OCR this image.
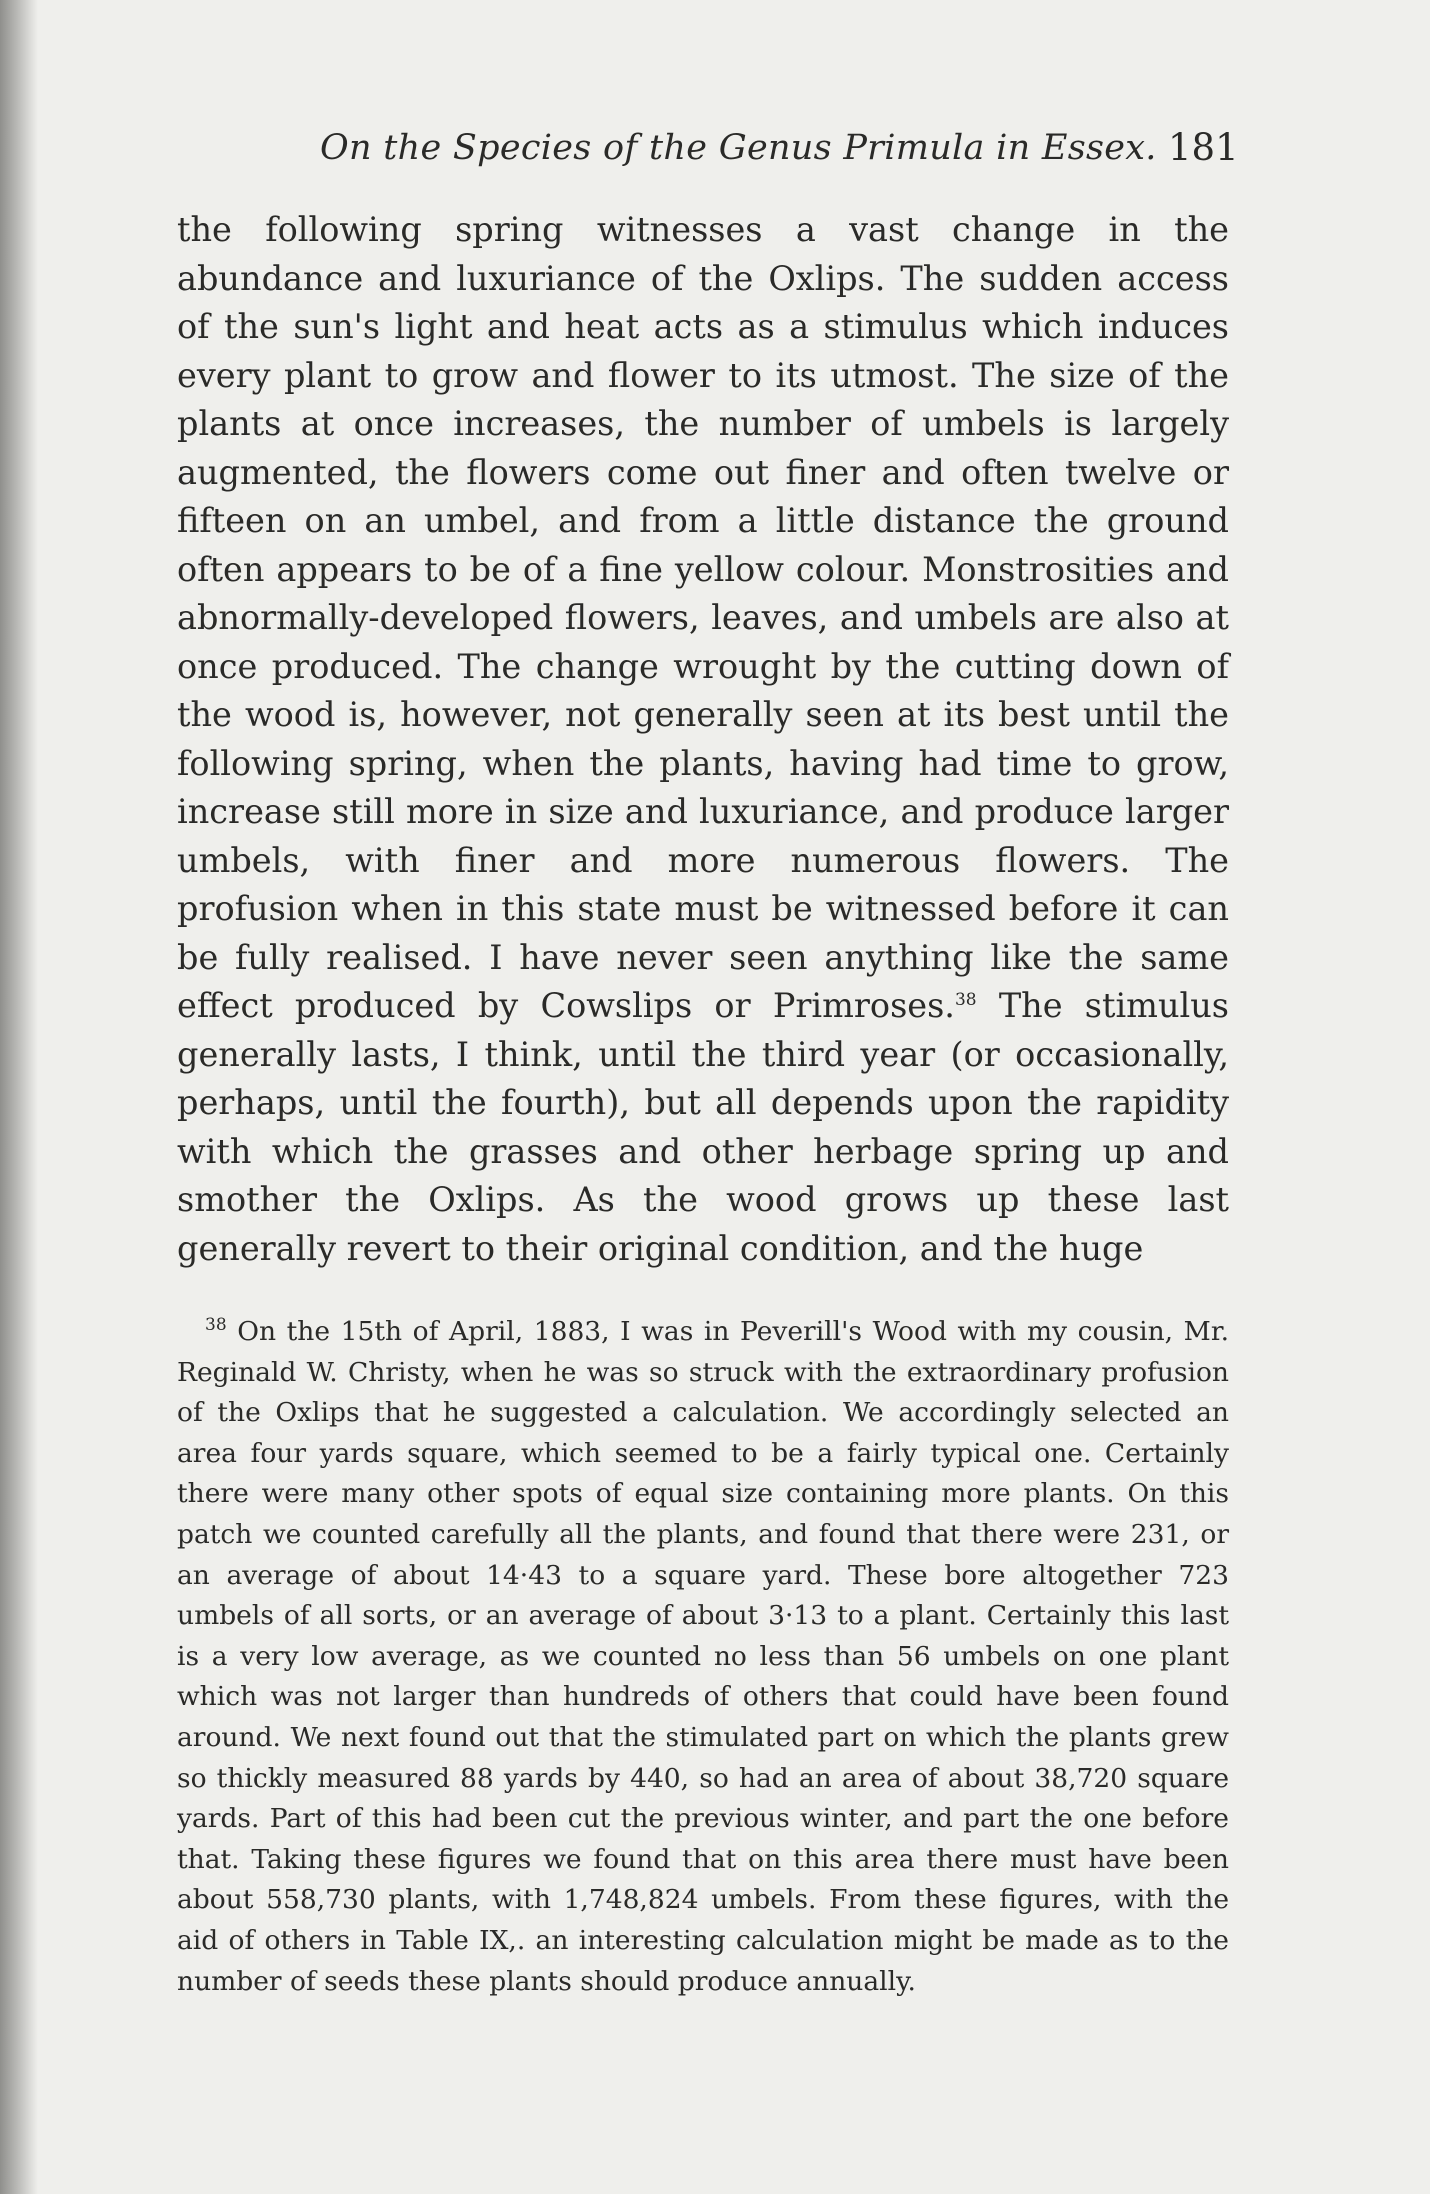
On the Species of the Genus Primula in Essex. 181

the following spring witnesses a vast change in the abundance and luxuriance of the Oxlips. The sudden access of the sun's light and heat acts as a stimulus which induces every plant to grow and flower to its utmost. The size of the plants at once increases, the number of umbels is largely augmented, the flowers come out finer and often twelve or fifteen on an umbel, and from a little distance the ground often appears to be of a fine yellow colour. Monstrosities and abnormally-developed flowers, leaves, and umbels are also at once produced. The change wrought by the cutting down of the wood is, however, not generally seen at its best until the following spring, when the plants, having had time to grow, increase still more in size and luxuriance, and produce larger umbels, with finer and more numerous flowers. The profusion when in this state must be witnessed before it can be fully realised. I have never seen anything like the same effect produced by Cowslips or Primroses.$^{38}$ The stimulus generally lasts, I think, until the third year (or occasionally, perhaps, until the fourth), but all depends upon the rapidity with which the grasses and other herbage spring up and smother the Oxlips. As the wood grows up these last generally revert to their original condition, and the huge

$^{38}$ On the 15th of April, 1883, I was in Peverill's Wood with my cousin, Mr. Reginald W. Christy, when he was so struck with the extraordinary profusion of the Oxlips that he suggested a calculation. We accordingly selected an area four yards square, which seemed to be a fairly typical one. Certainly there were many other spots of equal size containing more plants. On this patch we counted carefully all the plants, and found that there were 231, or an average of about 14·43 to a square yard. These bore altogether 723 umbels of all sorts, or an average of about 3·13 to a plant. Certainly this last is a very low average, as we counted no less than 56 umbels on one plant which was not larger than hundreds of others that could have been found around. We next found out that the stimulated part on which the plants grew so thickly measured 88 yards by 440, so had an area of about 38,720 square yards. Part of this had been cut the previous winter, and part the one before that. Taking these figures we found that on this area there must have been about 558,730 plants, with 1,748,824 umbels. From these figures, with the aid of others in Table IX,. an interesting calculation might be made as to the number of seeds these plants should produce annually.
